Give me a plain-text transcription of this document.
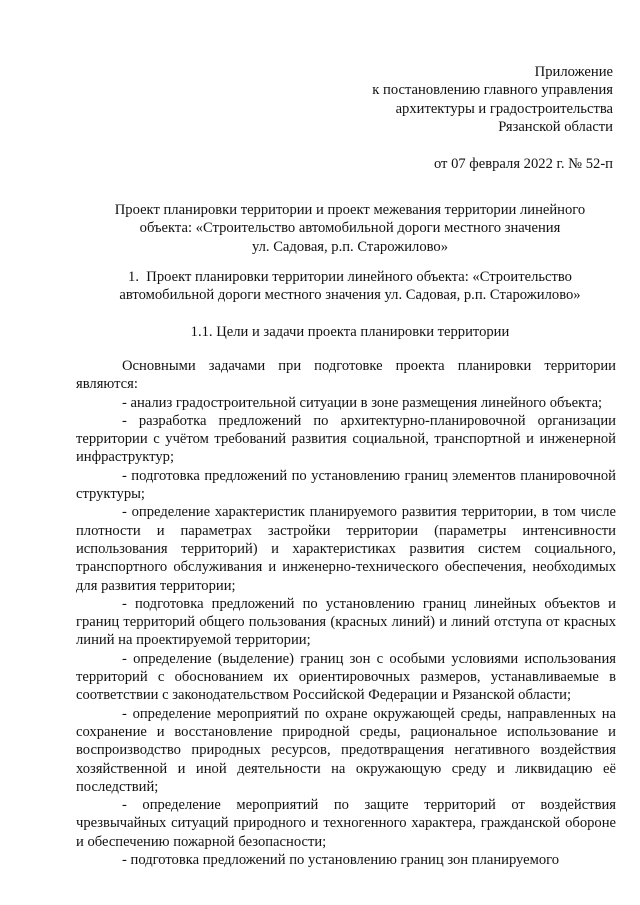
Приложение
к постановлению главного управления
архитектуры и градостроительства
Рязанской области
от 07 февраля 2022 г. № 52-п
Проект планировки территории и проект межевания территории линейного
объекта: «Строительство автомобильной дороги местного значения
ул. Садовая, р.п. Старожилово»
1.  Проект планировки территории линейного объекта: «Строительство
автомобильной дороги местного значения ул. Садовая, р.п. Старожилово»
1.1. Цели и задачи проекта планировки территории

Основными задачами при подготовке проекта планировки территории являются:

- анализ градостроительной ситуации в зоне размещения линейного объекта;

- разработка предложений по архитектурно-планировочной организации территории с учётом требований развития социальной, транспортной и инженерной инфраструктур;

- подготовка предложений по установлению границ элементов планировочной структуры;

- определение характеристик планируемого развития территории, в том числе плотности и параметрах застройки территории (параметры интенсивности использования территорий) и характеристиках развития систем социального, транспортного обслуживания и инженерно-технического обеспечения, необходимых для развития территории;

- подготовка предложений по установлению границ линейных объектов и границ территорий общего пользования (красных линий) и линий отступа от красных линий на проектируемой территории;

- определение (выделение) границ зон с особыми условиями использования территорий с обоснованием их ориентировочных размеров, устанавливаемые в соответствии с законодательством Российской Федерации и Рязанской области;

- определение мероприятий по охране окружающей среды, направленных на сохранение и восстановление природной среды, рациональное использование и воспроизводство природных ресурсов, предотвращения негативного воздействия хозяйственной и иной деятельности на окружающую среду и ликвидацию её последствий;

- определение мероприятий по защите территорий от воздействия чрезвычайных ситуаций природного и техногенного характера, гражданской обороне и обеспечению пожарной безопасности;

- подготовка предложений по установлению границ зон планируемого
